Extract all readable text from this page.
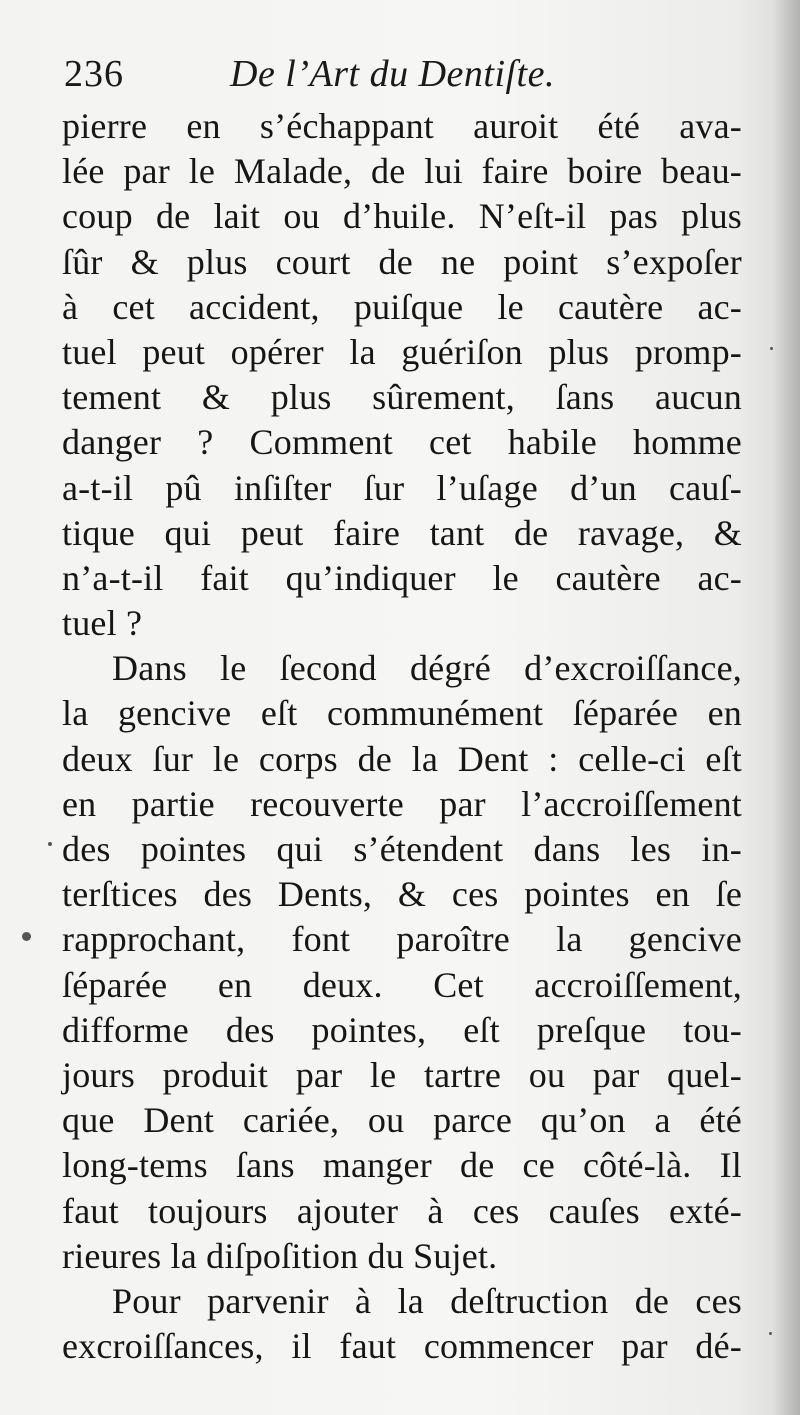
236	De l’Art du Dentiſte.
pierre en s’échappant auroit été ava-
lée par le Malade, de lui faire boire beau-
coup de lait ou d’huile. N’eſt-il pas plus
ſûr & plus court de ne point s’expoſer
à cet accident, puiſque le cautère ac-
tuel peut opérer la guériſon plus promp-
tement & plus sûrement, ſans aucun
danger ? Comment cet habile homme
a-t-il pû inſiſter ſur l’uſage d’un cauſ-
tique qui peut faire tant de ravage, &
n’a-t-il fait qu’indiquer le cautère ac-
tuel ?
Dans le ſecond dégré d’excroiſſance,
la gencive eſt communément ſéparée en
deux ſur le corps de la Dent : celle-ci eſt
en partie recouverte par l’accroiſſement
des pointes qui s’étendent dans les in-
terſtices des Dents, & ces pointes en ſe
rapprochant, font paroître la gencive
ſéparée en deux. Cet accroiſſement,
difforme des pointes, eſt preſque tou-
jours produit par le tartre ou par quel-
que Dent cariée, ou parce qu’on a été
long-tems ſans manger de ce côté-là. Il
faut toujours ajouter à ces cauſes exté-
rieures la diſpoſition du Sujet.
Pour parvenir à la deſtruction de ces
excroiſſances, il faut commencer par dé-
